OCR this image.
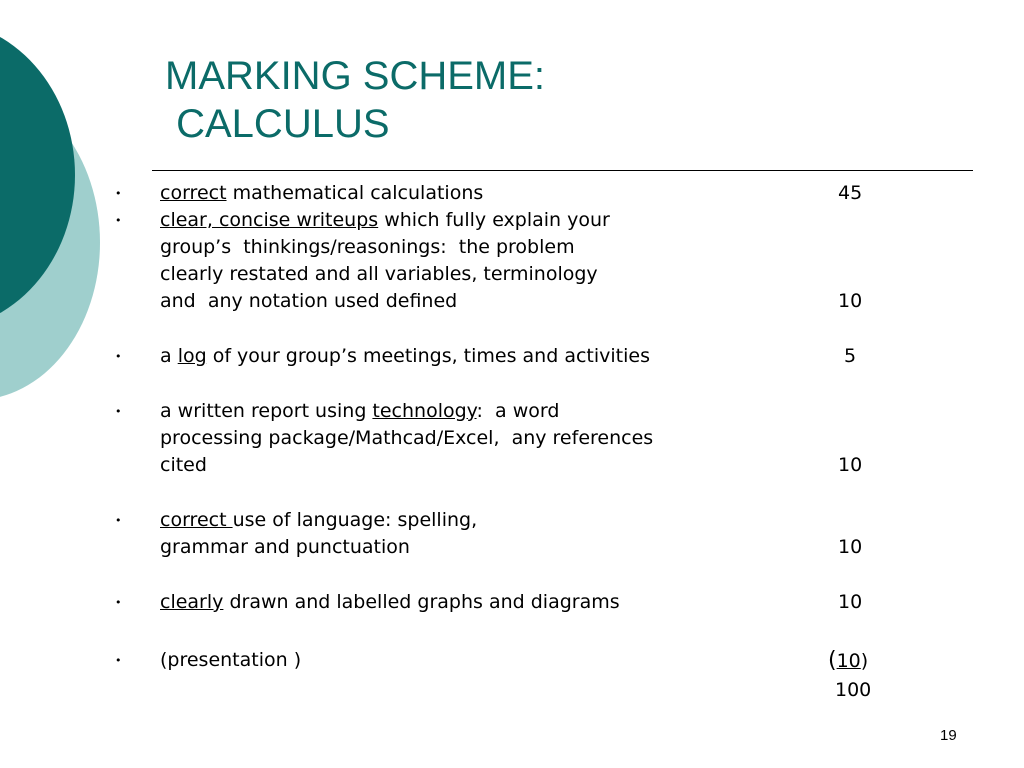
MARKING SCHEME:
CALCULUS
• correct mathematical calculations	45
• clear, concise writeups which fully explain your
group’s  thinkings/reasonings:  the problem
clearly restated and all variables, terminology
and  any notation used defined	10
• a log of your group’s meetings, times and activities	5
• a written report using technology:  a word
processing package/Mathcad/Excel,  any references
cited	10
• correct use of language: spelling,
grammar and punctuation	10
• clearly drawn and labelled graphs and diagrams	10
• (presentation )	(10)
100
19
